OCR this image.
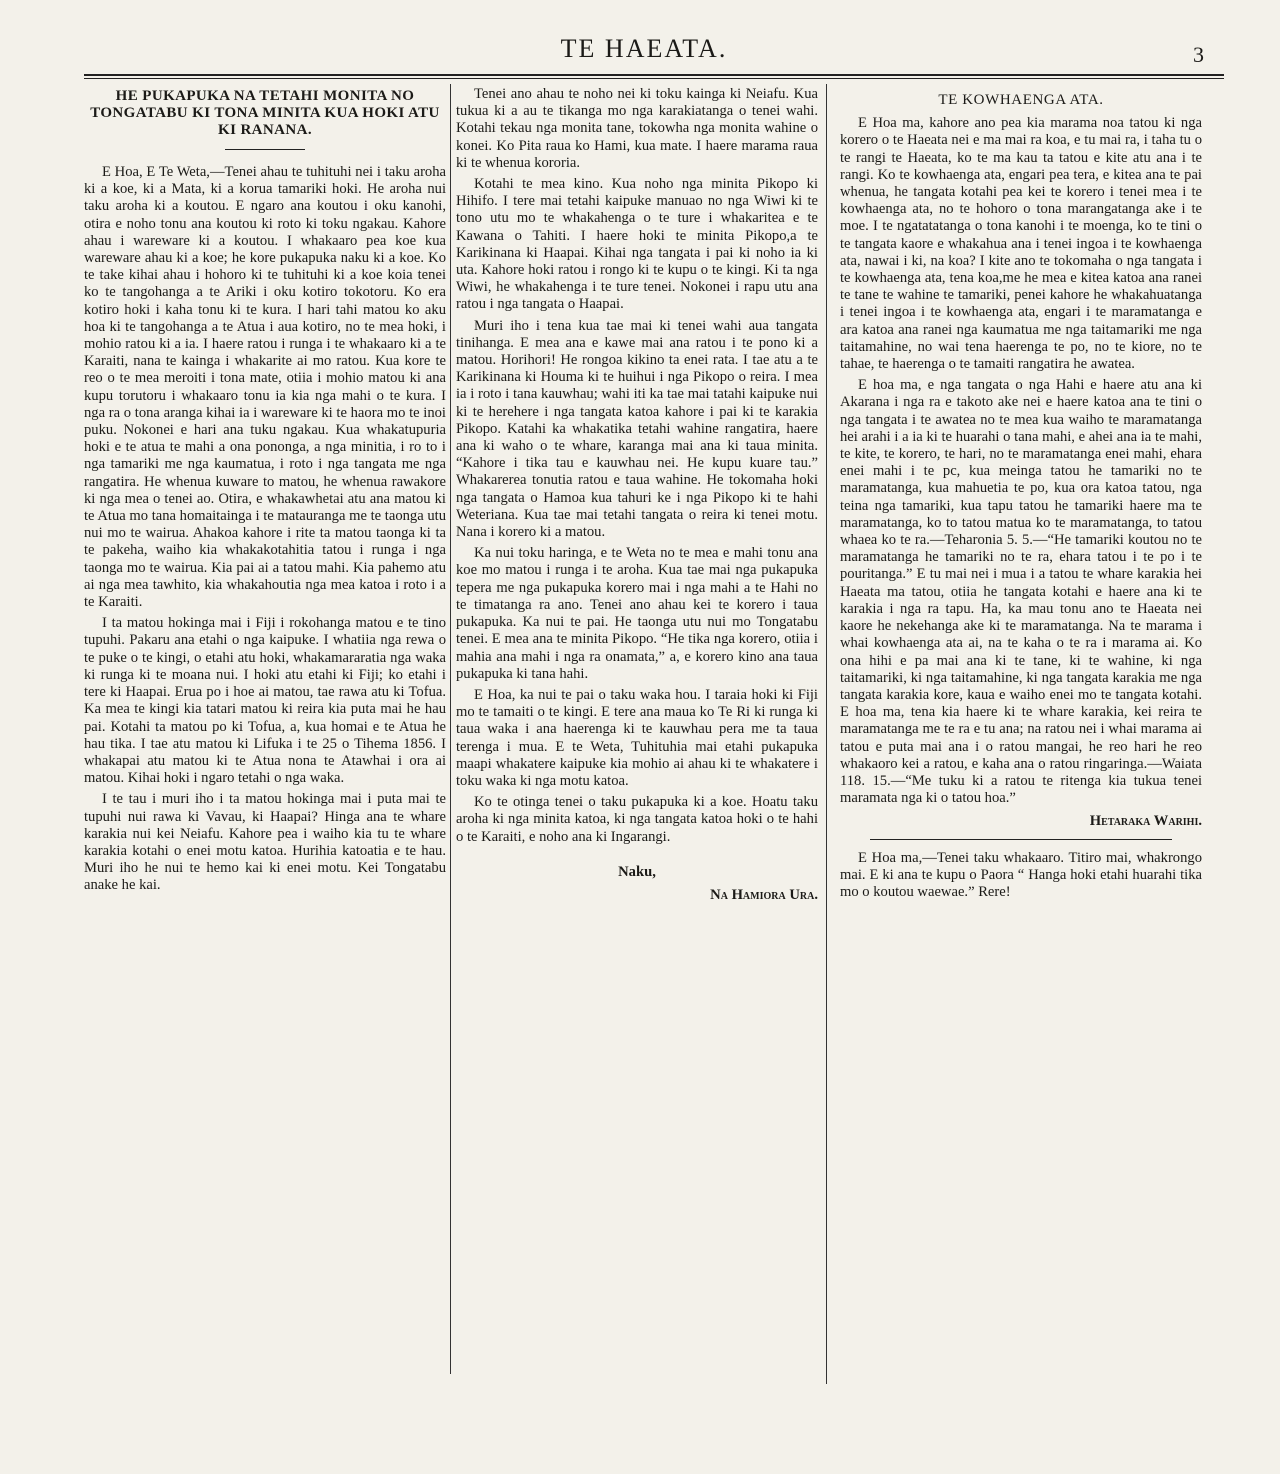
TE HAEATA.	3
HE PUKAPUKA NA TETAHI MONITA NO TONGATABU KI TONA MINITA KUA HOKI ATU KI RANANA.

E Hoa, E Te Weta,—Tenei ahau te tuhituhi nei i taku aroha ki a koe, ki a Mata, ki a korua tamariki hoki. He aroha nui taku aroha ki a koutou. E ngaro ana koutou i oku kanohi, otira e noho tonu ana koutou ki roto ki toku ngakau. Kahore ahau i wareware ki a koutou. I whakaaro pea koe kua wareware ahau ki a koe; he kore pukapuka naku ki a koe. Ko te take kihai ahau i hohoro ki te tuhituhi ki a koe koia tenei ko te tangohanga a te Ariki i oku kotiro tokotoru. Ko era kotiro hoki i kaha tonu ki te kura. I hari tahi matou ko aku hoa ki te tangohanga a te Atua i aua kotiro, no te mea hoki, i mohio ratou ki a ia. I haere ratou i runga i te whakaaro ki a te Karaiti, nana te kainga i whakarite ai mo ratou. Kua kore te reo o te mea meroiti i tona mate, otiia i mohio matou ki ana kupu torutoru i whakaaro tonu ia kia nga mahi o te kura. I nga ra o tona aranga kihai ia i wareware ki te haora mo te inoi puku. Nokonei e hari ana tuku ngakau. Kua whakatupuria hoki e te atua te mahi a ona pononga, a nga minitia, i ro to i nga tamariki me nga kaumatua, i roto i nga tangata me nga rangatira. He whenua kuware to matou, he whenua rawakore ki nga mea o tenei ao. Otira, e whakawhetai atu ana matou ki te Atua mo tana homaitainga i te matauranga me te taonga utu nui mo te wairua. Ahakoa kahore i rite ta matou taonga ki ta te pakeha, waiho kia whakakotahitia tatou i runga i nga taonga mo te wairua. Kia pai ai a tatou mahi. Kia pahemo atu ai nga mea tawhito, kia whakahoutia nga mea katoa i roto i a te Karaiti.

I ta matou hokinga mai i Fiji i rokohanga matou e te tino tupuhi. Pakaru ana etahi o nga kaipuke. I whatiia nga rewa o te puke o te kingi, o etahi atu hoki, whakamararatia nga waka ki runga ki te moana nui. I hoki atu etahi ki Fiji; ko etahi i tere ki Haapai. Erua po i hoe ai matou, tae rawa atu ki Tofua. Ka mea te kingi kia tatari matou ki reira kia puta mai he hau pai. Kotahi ta matou po ki Tofua, a, kua homai e te Atua he hau tika. I tae atu matou ki Lifuka i te 25 o Tihema 1856. I whakapai atu matou ki te Atua nona te Atawhai i ora ai matou. Kihai hoki i ngaro tetahi o nga waka.

I te tau i muri iho i ta matou hokinga mai i puta mai te tupuhi nui rawa ki Vavau, ki Haapai? Hinga ana te whare karakia nui kei Neiafu. Kahore pea i waiho kia tu te whare karakia kotahi o enei motu katoa. Hurihia katoatia e te hau. Muri iho he nui te hemo kai ki enei motu. Kei Tongatabu anake he kai.

Tenei ano ahau te noho nei ki toku kainga ki Neiafu. Kua tukua ki a au te tikanga mo nga karakiatanga o tenei wahi. Kotahi tekau nga monita tane, tokowha nga monita wahine o konei. Ko Pita raua ko Hami, kua mate. I haere marama raua ki te whenua kororia.

Kotahi te mea kino. Kua noho nga minita Pikopo ki Hihifo. I tere mai tetahi kaipuke manuao no nga Wiwi ki te tono utu mo te whakahenga o te ture i whakaritea e te Kawana o Tahiti. I haere hoki te minita Pikopo,a te Karikinana ki Haapai. Kihai nga tangata i pai ki noho ia ki uta. Kahore hoki ratou i rongo ki te kupu o te kingi. Ki ta nga Wiwi, he whakahenga i te ture tenei. Nokonei i rapu utu ana ratou i nga tangata o Haapai.

Muri iho i tena kua tae mai ki tenei wahi aua tangata tinihanga. E mea ana e kawe mai ana ratou i te pono ki a matou. Horihori! He rongoa kikino ta enei rata. I tae atu a te Karikinana ki Houma ki te huihui i nga Pikopo o reira. I mea ia i roto i tana kauwhau; wahi iti ka tae mai tatahi kaipuke nui ki te herehere i nga tangata katoa kahore i pai ki te karakia Pikopo. Katahi ka whakatika tetahi wahine rangatira, haere ana ki waho o te whare, karanga mai ana ki taua minita. “Kahore i tika tau e kauwhau nei. He kupu kuare tau.” Whakarerea tonutia ratou e taua wahine. He tokomaha hoki nga tangata o Hamoa kua tahuri ke i nga Pikopo ki te hahi Weteriana. Kua tae mai tetahi tangata o reira ki tenei motu. Nana i korero ki a matou.

Ka nui toku haringa, e te Weta no te mea e mahi tonu ana koe mo matou i runga i te aroha. Kua tae mai nga pukapuka tepera me nga pukapuka korero mai i nga mahi a te Hahi no te timatanga ra ano. Tenei ano ahau kei te korero i taua pukapuka. Ka nui te pai. He taonga utu nui mo Tongatabu tenei. E mea ana te minita Pikopo. “He tika nga korero, otiia i mahia ana mahi i nga ra onamata,” a, e korero kino ana taua pukapuka ki tana hahi.

E Hoa, ka nui te pai o taku waka hou. I taraia hoki ki Fiji mo te tamaiti o te kingi. E tere ana maua ko Te Ri ki runga ki taua waka i ana haerenga ki te kauwhau pera me ta taua terenga i mua. E te Weta, Tuhituhia mai etahi pukapuka maapi whakatere kaipuke kia mohio ai ahau ki te whakatere i toku waka ki nga motu katoa.

Ko te otinga tenei o taku pukapuka ki a koe. Hoatu taku aroha ki nga minita katoa, ki nga tangata katoa hoki o te hahi o te Karaiti, e noho ana ki Ingarangi.

Naku,

Na Hamiora Ura.

TE KOWHAENGA ATA.

E Hoa ma, kahore ano pea kia marama noa tatou ki nga korero o te Haeata nei e ma mai ra koa, e tu mai ra, i taha tu o te rangi te Haeata, ko te ma kau ta tatou e kite atu ana i te rangi. Ko te kowhaenga ata, engari pea tera, e kitea ana te pai whenua, he tangata kotahi pea kei te korero i tenei mea i te kowhaenga ata, no te hohoro o tona marangatanga ake i te moe. I te ngatatatanga o tona kanohi i te moenga, ko te tini o te tangata kaore e whakahua ana i tenei ingoa i te kowhaenga ata, nawai i ki, na koa? I kite ano te tokomaha o nga tangata i te kowhaenga ata, tena koa,me he mea e kitea katoa ana ranei te tane te wahine te tamariki, penei kahore he whakahuatanga i tenei ingoa i te kowhaenga ata, engari i te maramatanga e ara katoa ana ranei nga kaumatua me nga taitamariki me nga taitamahine, no wai tena haerenga te po, no te kiore, no te tahae, te haerenga o te tamaiti rangatira he awatea.

E hoa ma, e nga tangata o nga Hahi e haere atu ana ki Akarana i nga ra e takoto ake nei e haere katoa ana te tini o nga tangata i te awatea no te mea kua waiho te maramatanga hei arahi i a ia ki te huarahi o tana mahi, e ahei ana ia te mahi, te kite, te korero, te hari, no te maramatanga enei mahi, ehara enei mahi i te pc, kua meinga tatou he tamariki no te maramatanga, kua mahuetia te po, kua ora katoa tatou, nga teina nga tamariki, kua tapu tatou he tamariki haere ma te maramatanga, ko to tatou matua ko te maramatanga, to tatou whaea ko te ra.—Teharonia 5. 5.—“He tamariki koutou no te maramatanga he tamariki no te ra, ehara tatou i te po i te pouritanga.” E tu mai nei i mua i a tatou te whare karakia hei Haeata ma tatou, otiia he tangata kotahi e haere ana ki te karakia i nga ra tapu. Ha, ka mau tonu ano te Haeata nei kaore he nekehanga ake ki te maramatanga. Na te marama i whai kowhaenga ata ai, na te kaha o te ra i marama ai. Ko ona hihi e pa mai ana ki te tane, ki te wahine, ki nga taitamariki, ki nga taitamahine, ki nga tangata karakia me nga tangata karakia kore, kaua e waiho enei mo te tangata kotahi. E hoa ma, tena kia haere ki te whare karakia, kei reira te maramatanga me te ra e tu ana; na ratou nei i whai marama ai tatou e puta mai ana i o ratou mangai, he reo hari he reo whakaoro kei a ratou, e kaha ana o ratou ringaringa.—Waiata 118. 15.—“Me tuku ki a ratou te ritenga kia tukua tenei maramata nga ki o tatou hoa.”

Hetaraka Warihi.

E Hoa ma,—Tenei taku whakaaro. Titiro mai, whakrongo mai. E ki ana te kupu o Paora “ Hanga hoki etahi huarahi tika mo o koutou waewae.” Rere!
